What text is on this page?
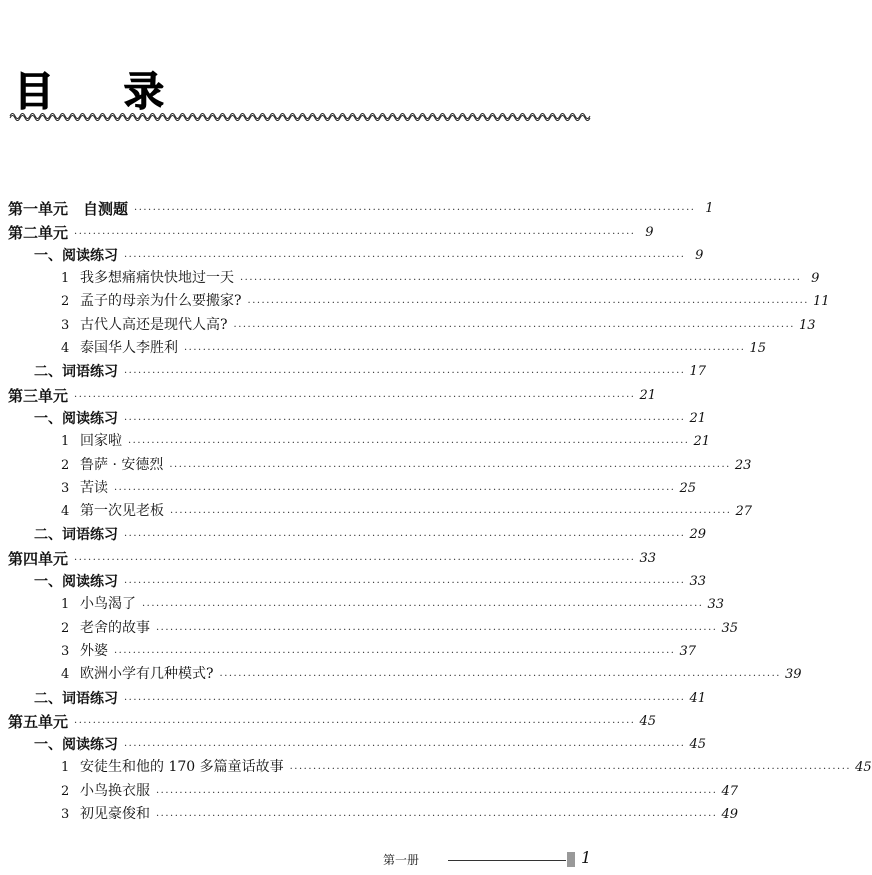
目 录
第一单元　自测题 ························································································································ 1
第二单元 ························································································································ 9
一、阅读练习 ························································································································ 9
1 我多想痛痛快快地过一天 ························································································································ 9
2 孟子的母亲为什么要搬家? ························································································································ 11
3 古代人高还是现代人高? ························································································································ 13
4 泰国华人李胜利 ························································································································ 15
二、词语练习 ························································································································ 17
第三单元 ························································································································ 21
一、阅读练习 ························································································································ 21
1 回家啦 ························································································································ 21
2 鲁萨 · 安德烈 ························································································································ 23
3 苦读 ························································································································ 25
4 第一次见老板 ························································································································ 27
二、词语练习 ························································································································ 29
第四单元 ························································································································ 33
一、阅读练习 ························································································································ 33
1 小鸟渴了 ························································································································ 33
2 老舍的故事 ························································································································ 35
3 外婆 ························································································································ 37
4 欧洲小学有几种模式? ························································································································ 39
二、词语练习 ························································································································ 41
第五单元 ························································································································ 45
一、阅读练习 ························································································································ 45
1 安徒生和他的 170 多篇童话故事 ························································································································ 45
2 小鸟换衣服 ························································································································ 47
3 初见豪俊和 ························································································································ 49
第一册	1
